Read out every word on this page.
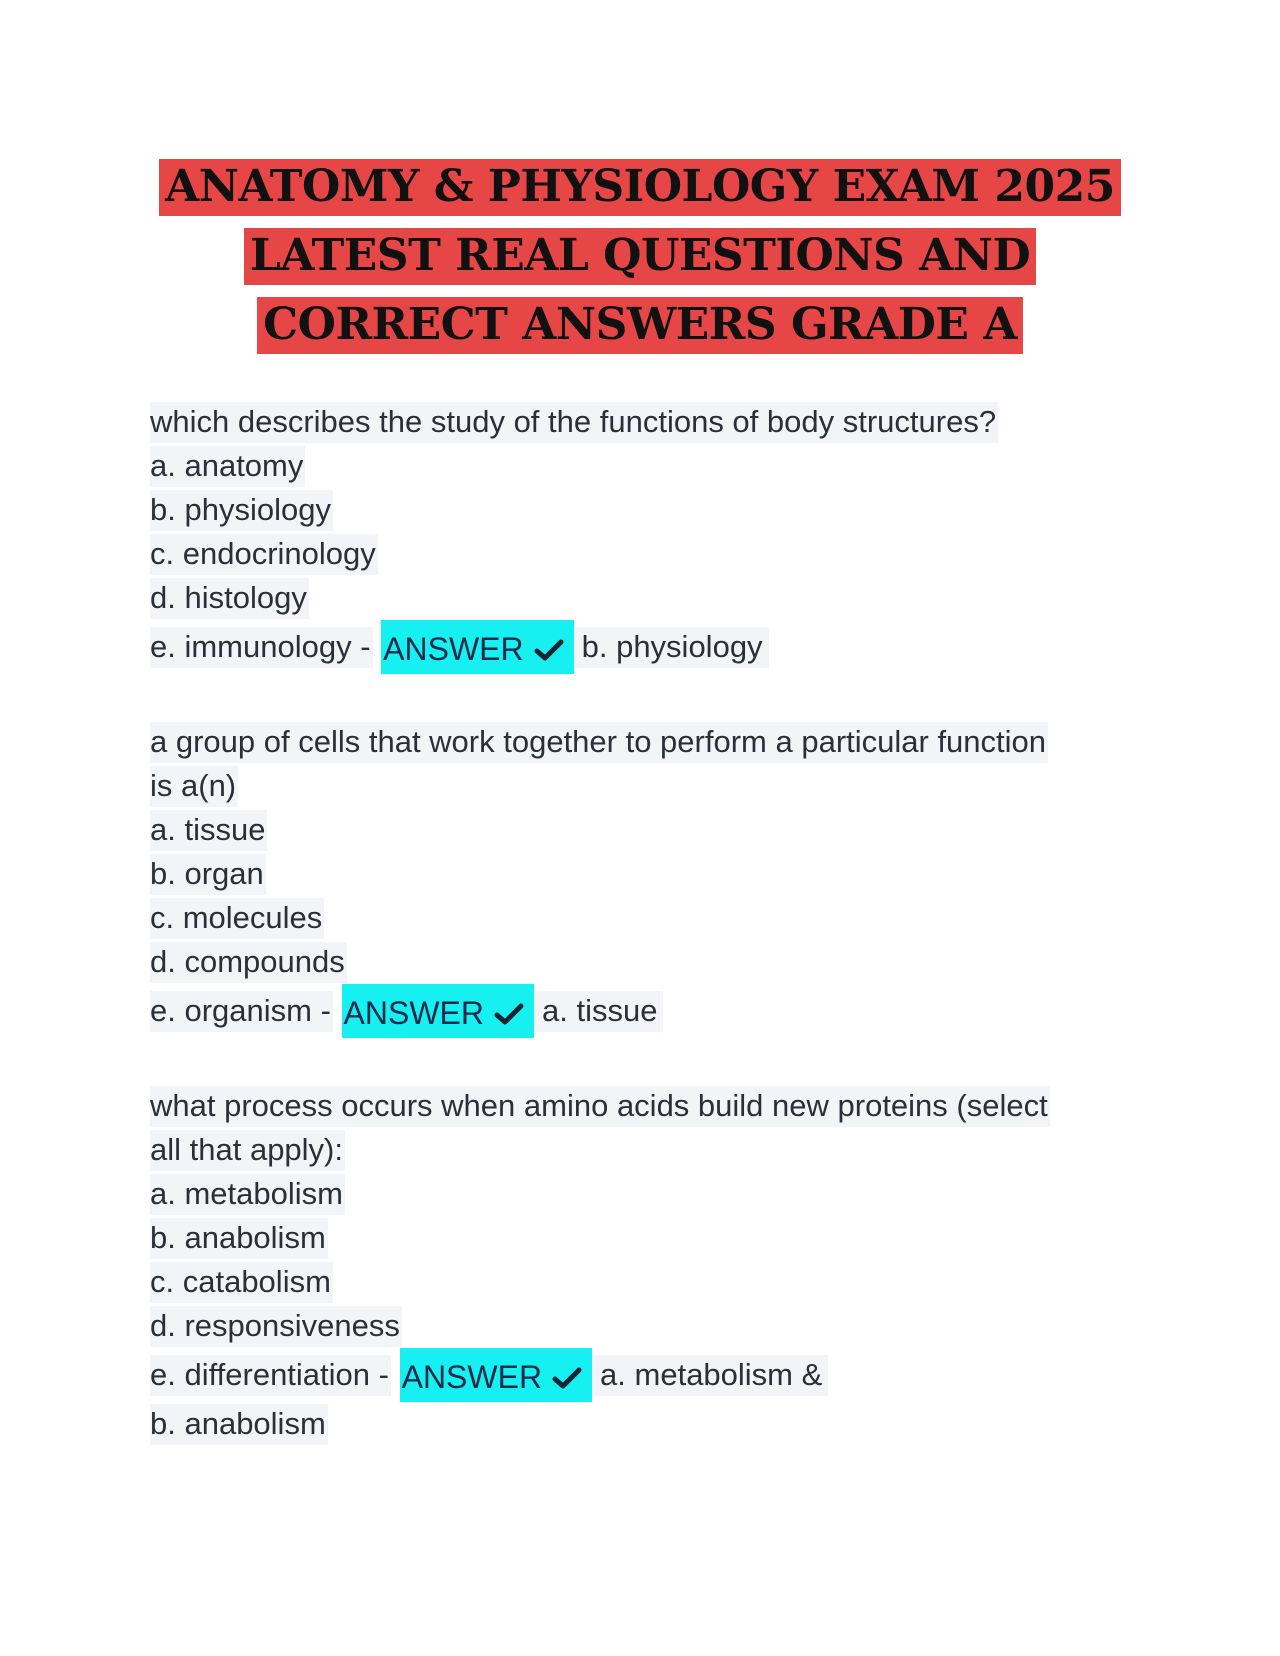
ANATOMY & PHYSIOLOGY EXAM 2025
LATEST REAL QUESTIONS AND
CORRECT ANSWERS GRADE A
which describes the study of the functions of body structures?
a. anatomy
b. physiology
c. endocrinology
d. histology
e. immunology - ANSWER b. physiology
a group of cells that work together to perform a particular function
is a(n)
a. tissue
b. organ
c. molecules
d. compounds
e. organism - ANSWER a. tissue
what process occurs when amino acids build new proteins (select
all that apply):
a. metabolism
b. anabolism
c. catabolism
d. responsiveness
e. differentiation - ANSWER a. metabolism &
b. anabolism
